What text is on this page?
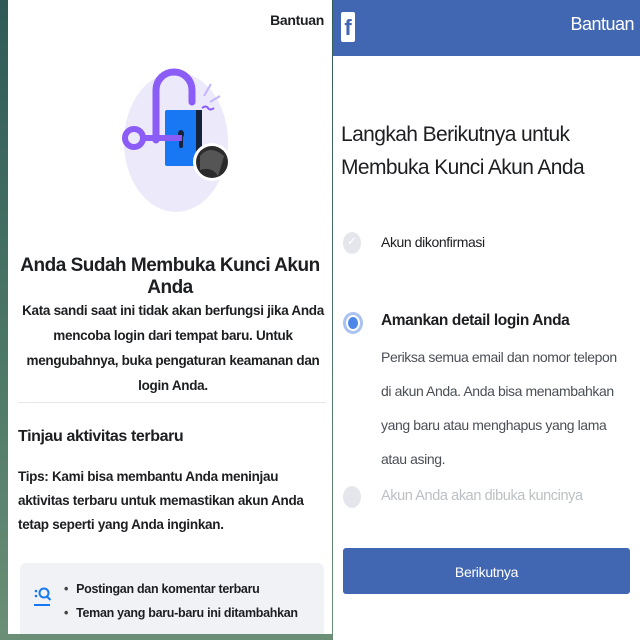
Bantuan
Anda Sudah Membuka Kunci Akun Anda

Kata sandi saat ini tidak akan berfungsi jika Anda mencoba login dari tempat baru. Untuk mengubahnya, buka pengaturan keamanan dan login Anda.

Tinjau aktivitas terbaru

Tips: Kami bisa membantu Anda meninjau aktivitas terbaru untuk memastikan akun Anda tetap seperti yang Anda inginkan.

• Postingan dan komentar terbaru
• Teman yang baru-baru ini ditambahkan
f	Bantuan
Langkah Berikutnya untuk Membuka Kunci Akun Anda
✓
Akun dikonfirmasi
Amankan detail login Anda
Periksa semua email dan nomor telepon di akun Anda. Anda bisa menambahkan yang baru atau menghapus yang lama atau asing.
Akun Anda akan dibuka kuncinya
Berikutnya
